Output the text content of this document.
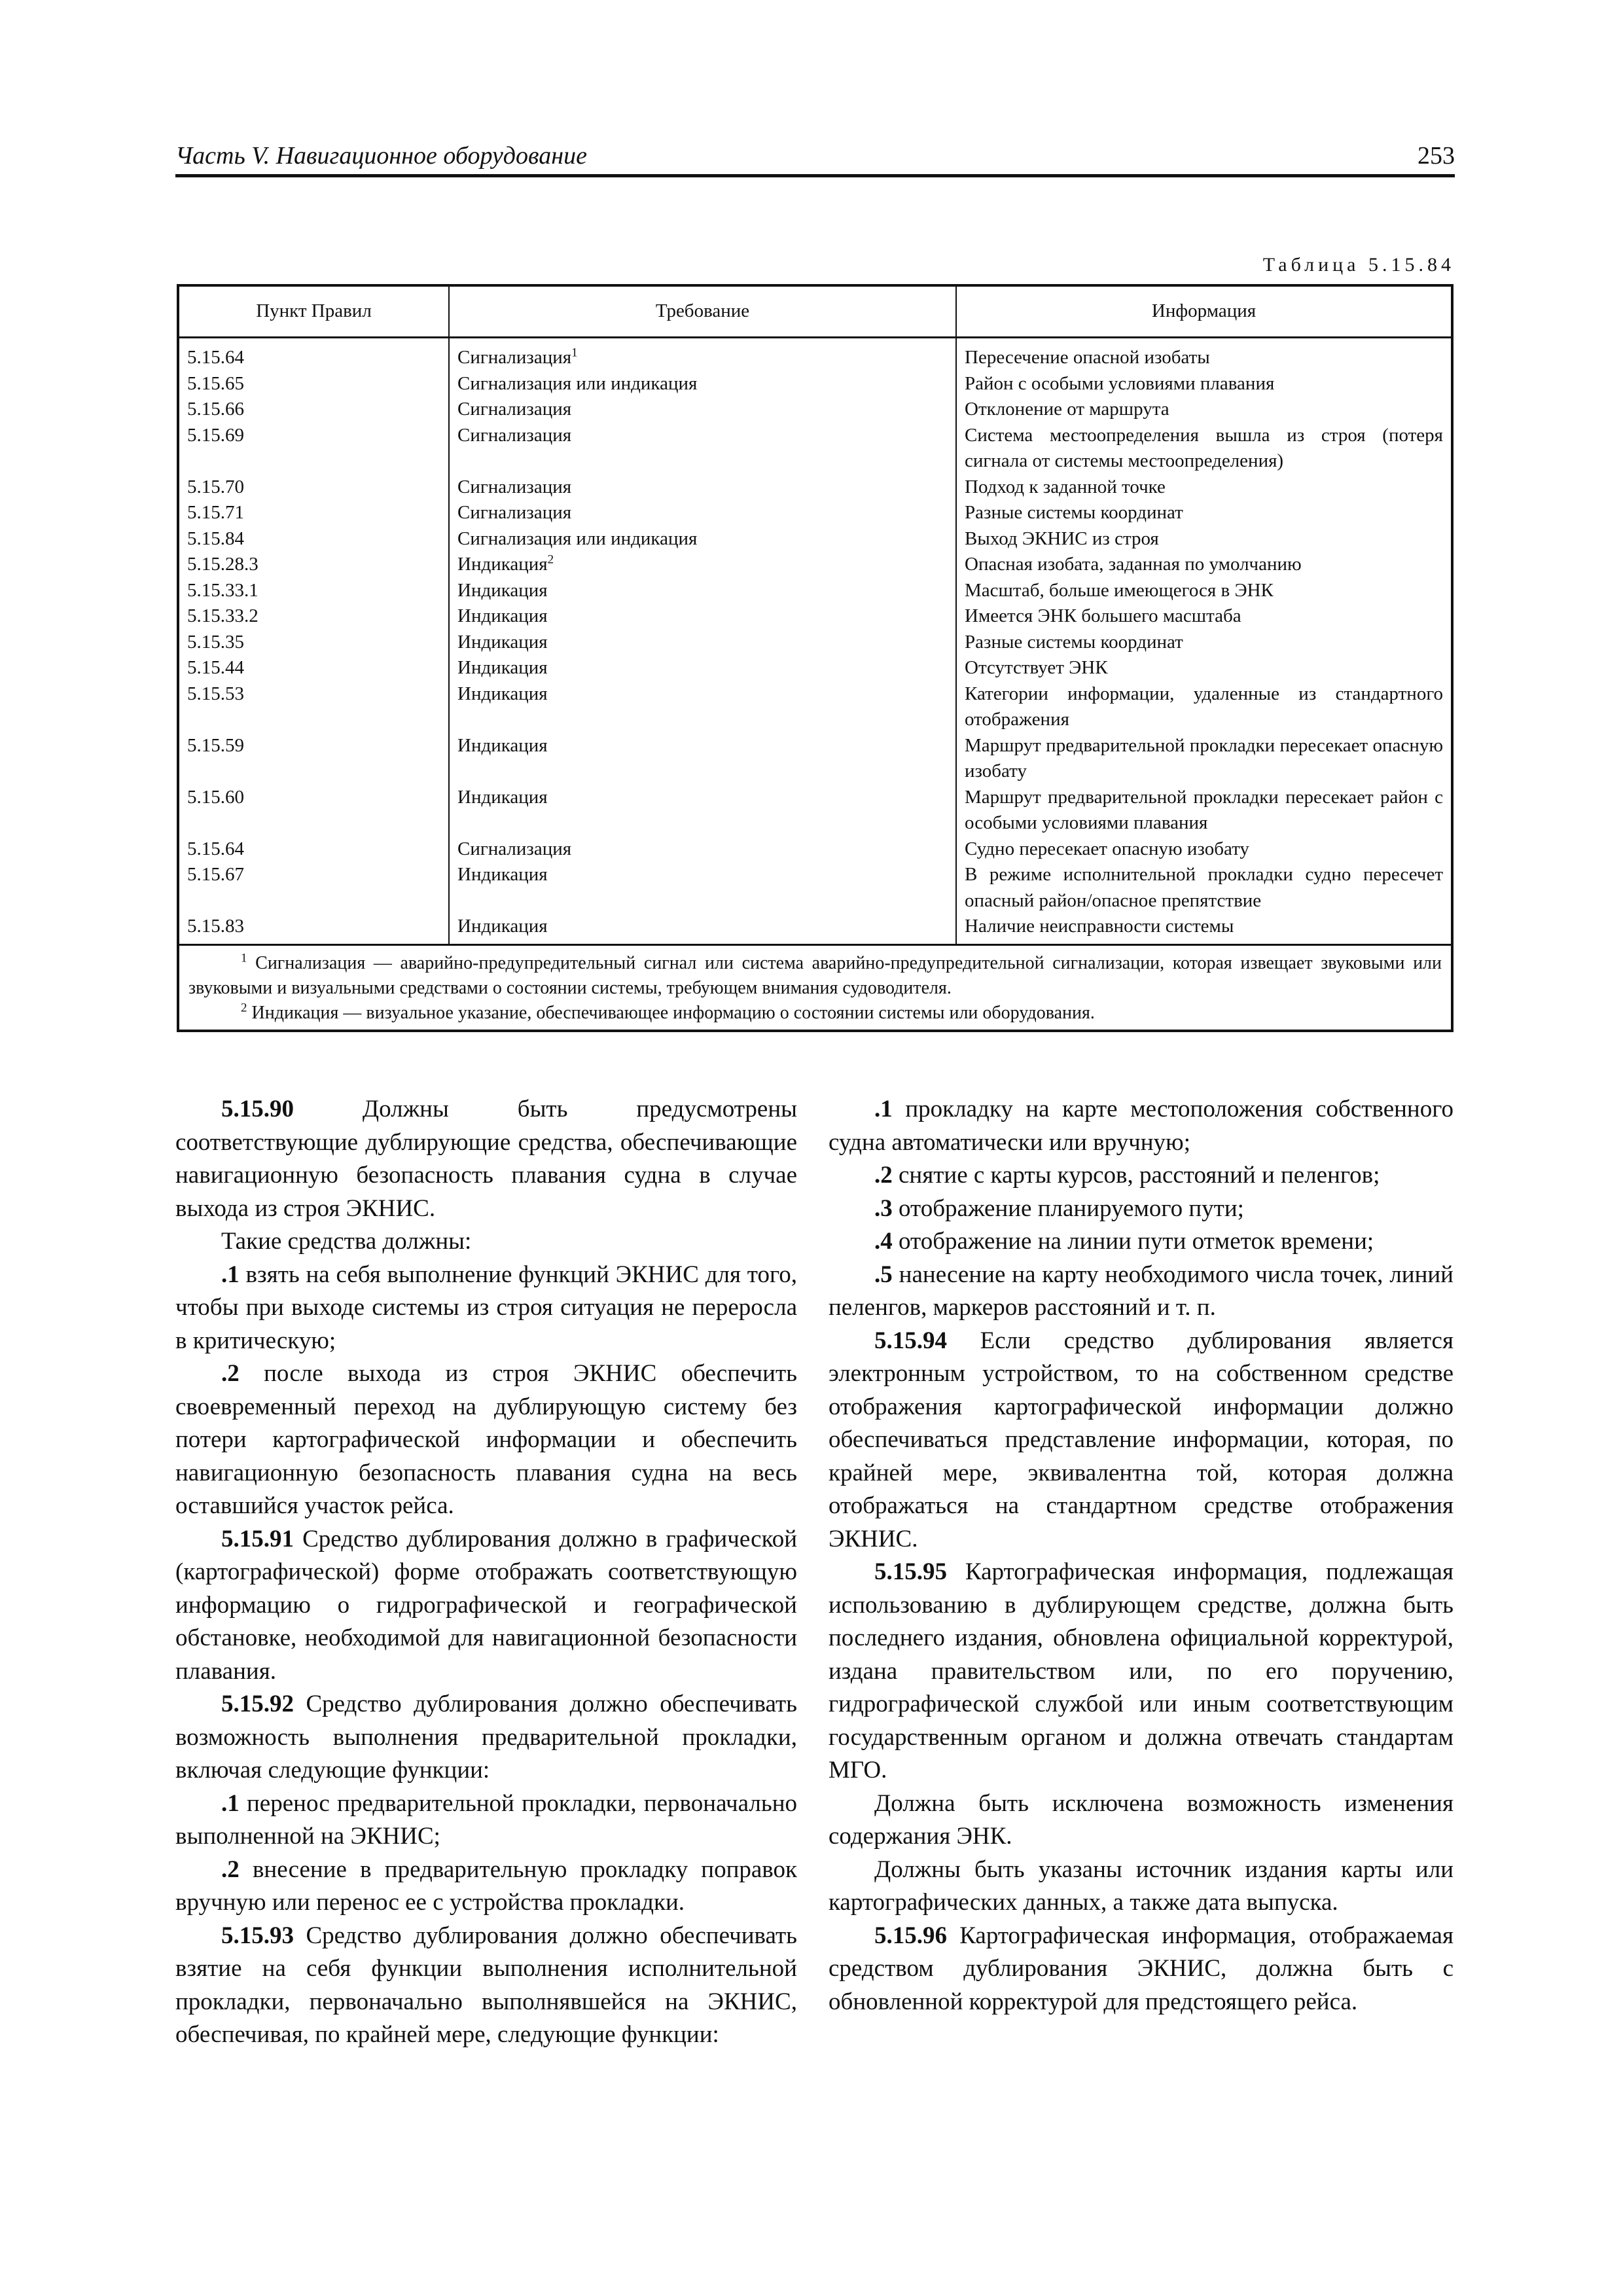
Часть V. Навигационное оборудование	253
Таблица 5.15.84
Пункт Правил	Требование	Информация
5.15.64	Сигнализация$^1$	Пересечение опасной изобаты
5.15.65	Сигнализация или индикация	Район с особыми условиями плавания
5.15.66	Сигнализация	Отклонение от маршрута
5.15.69	Сигнализация	Система местоопределения вышла из строя (потеря сигнала от системы местоопределения)
5.15.70	Сигнализация	Подход к заданной точке
5.15.71	Сигнализация	Разные системы координат
5.15.84	Сигнализация или индикация	Выход ЭКНИС из строя
5.15.28.3	Индикация$^2$	Опасная изобата, заданная по умолчанию
5.15.33.1	Индикация	Масштаб, больше имеющегося в ЭНК
5.15.33.2	Индикация	Имеется ЭНК большего масштаба
5.15.35	Индикация	Разные системы координат
5.15.44	Индикация	Отсутствует ЭНК
5.15.53	Индикация	Категории информации, удаленные из стандартного отображения
5.15.59	Индикация	Маршрут предварительной прокладки пересекает опасную изобату
5.15.60	Индикация	Маршрут предварительной прокладки пересекает район с особыми условиями плавания
5.15.64	Сигнализация	Судно пересекает опасную изобату
5.15.67	Индикация	В режиме исполнительной прокладки судно пересечет опасный район/опасное препятствие
5.15.83	Индикация	Наличие неисправности системы

$^1$ Сигнализация — аварийно-предупредительный сигнал или система аварийно-предупредительной сигнализации, которая извещает звуковыми или звуковыми и визуальными средствами о состоянии системы, требующем внимания судоводителя.

$^2$ Индикация — визуальное указание, обеспечивающее информацию о состоянии системы или оборудования.

5.15.90 Должны быть предусмотрены соответствующие дублирующие средства, обеспечивающие навигационную безопасность плавания судна в случае выхода из строя ЭКНИС.

Такие средства должны:

.1 взять на себя выполнение функций ЭКНИС для того, чтобы при выходе системы из строя ситуация не переросла в критическую;

.2 после выхода из строя ЭКНИС обеспечить своевременный переход на дублирующую систему без потери картографической информации и обеспечить навигационную безопасность плавания судна на весь оставшийся участок рейса.

5.15.91 Средство дублирования должно в графической (картографической) форме отображать соответствующую информацию о гидрографической и географической обстановке, необходимой для навигационной безопасности плавания.

5.15.92 Средство дублирования должно обеспечивать возможность выполнения предварительной прокладки, включая следующие функции:

.1 перенос предварительной прокладки, первоначально выполненной на ЭКНИС;

.2 внесение в предварительную прокладку поправок вручную или перенос ее с устройства прокладки.

5.15.93 Средство дублирования должно обеспечивать взятие на себя функции выполнения исполнительной прокладки, первоначально выполнявшейся на ЭКНИС, обеспечивая, по крайней мере, следующие функции:

.1 прокладку на карте местоположения собственного судна автоматически или вручную;

.2 снятие с карты курсов, расстояний и пеленгов;

.3 отображение планируемого пути;

.4 отображение на линии пути отметок времени;

.5 нанесение на карту необходимого числа точек, линий пеленгов, маркеров расстояний и т. п.

5.15.94 Если средство дублирования является электронным устройством, то на собственном средстве отображения картографической информации должно обеспечиваться представление информации, которая, по крайней мере, эквивалентна той, которая должна отображаться на стандартном средстве отображения ЭКНИС.

5.15.95 Картографическая информация, подлежащая использованию в дублирующем средстве, должна быть последнего издания, обновлена официальной корректурой, издана правительством или, по его поручению, гидрографической службой или иным соответствующим государственным органом и должна отвечать стандартам МГО.

Должна быть исключена возможность изменения содержания ЭНК.

Должны быть указаны источник издания карты или картографических данных, а также дата выпуска.

5.15.96 Картографическая информация, отображаемая средством дублирования ЭКНИС, должна быть с обновленной корректурой для предстоящего рейса.
